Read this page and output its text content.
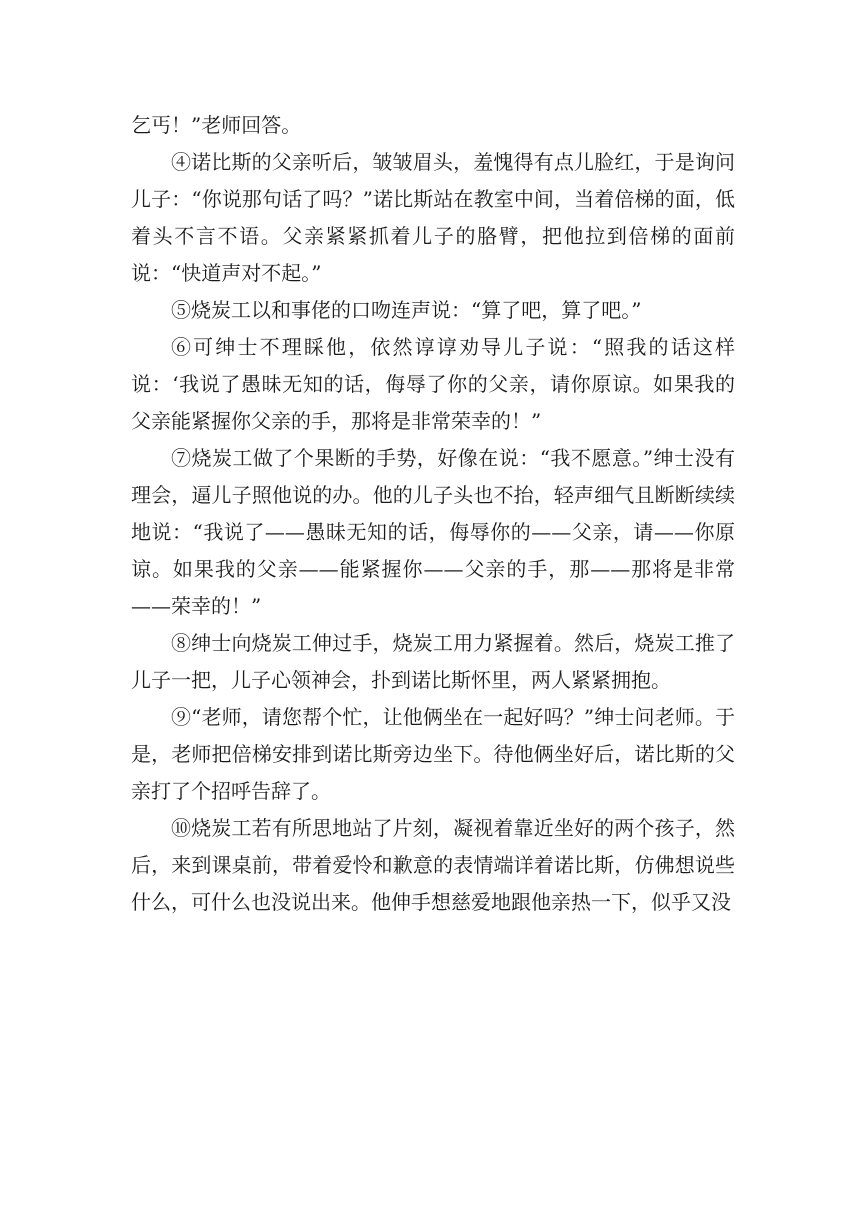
乞丐！”老师回答。

④诺比斯的父亲听后，皱皱眉头，羞愧得有点儿脸红，于是询问儿子：“你说那句话了吗？”诺比斯站在教室中间，当着倍梯的面，低着头不言不语。父亲紧紧抓着儿子的胳臂，把他拉到倍梯的面前说：“快道声对不起。”

⑤烧炭工以和事佬的口吻连声说：“算了吧，算了吧。”

⑥可绅士不理睬他，依然谆谆劝导儿子说：“照我的话这样说：‘我说了愚昧无知的话，侮辱了你的父亲，请你原谅。如果我的父亲能紧握你父亲的手，那将是非常荣幸的！”

⑦烧炭工做了个果断的手势，好像在说：“我不愿意。”绅士没有理会，逼儿子照他说的办。他的儿子头也不抬，轻声细气且断断续续地说：“我说了——愚昧无知的话，侮辱你的——父亲，请——你原谅。如果我的父亲——能紧握你——父亲的手，那——那将是非常——荣幸的！”

⑧绅士向烧炭工伸过手，烧炭工用力紧握着。然后，烧炭工推了儿子一把，儿子心领神会，扑到诺比斯怀里，两人紧紧拥抱。

⑨“老师，请您帮个忙，让他俩坐在一起好吗？”绅士问老师。于是，老师把倍梯安排到诺比斯旁边坐下。待他俩坐好后，诺比斯的父亲打了个招呼告辞了。

⑩烧炭工若有所思地站了片刻，凝视着靠近坐好的两个孩子，然后，来到课桌前，带着爱怜和歉意的表情端详着诺比斯，仿佛想说些什么，可什么也没说出来。他伸手想慈爱地跟他亲热一下，似乎又没
